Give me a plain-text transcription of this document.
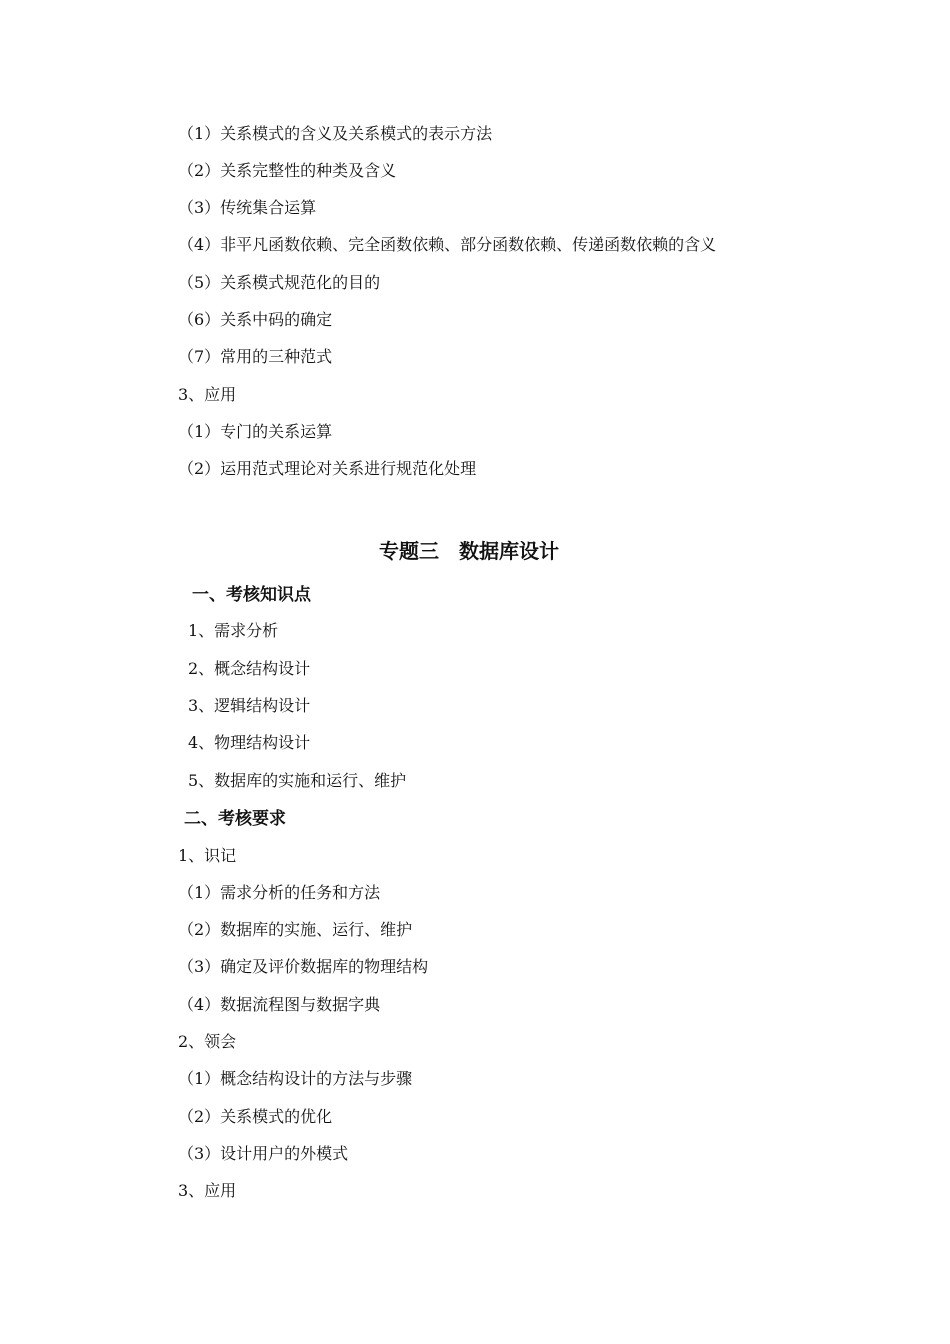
（1）关系模式的含义及关系模式的表示方法
（2）关系完整性的种类及含义
（3）传统集合运算
（4）非平凡函数依赖、完全函数依赖、部分函数依赖、传递函数依赖的含义
（5）关系模式规范化的目的
（6）关系中码的确定
（7）常用的三种范式
3、应用
（1）专门的关系运算
（2）运用范式理论对关系进行规范化处理
专题三　数据库设计
一、考核知识点
1、需求分析
2、概念结构设计
3、逻辑结构设计
4、物理结构设计
5、数据库的实施和运行、维护
二、考核要求
1、识记
（1）需求分析的任务和方法
（2）数据库的实施、运行、维护
（3）确定及评价数据库的物理结构
（4）数据流程图与数据字典
2、领会
（1）概念结构设计的方法与步骤
（2）关系模式的优化
（3）设计用户的外模式
3、应用
